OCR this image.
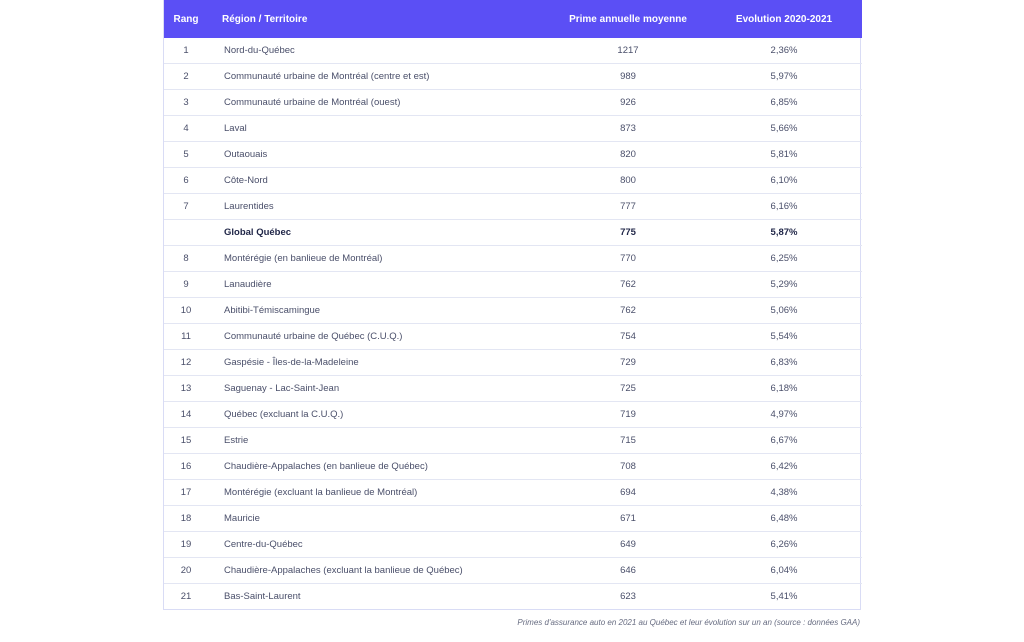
Rang	Région / Territoire	Prime annuelle moyenne	Evolution 2020-2021
1	Nord-du-Québec	1217	2,36%
2	Communauté urbaine de Montréal (centre et est)	989	5,97%
3	Communauté urbaine de Montréal (ouest)	926	6,85%
4	Laval	873	5,66%
5	Outaouais	820	5,81%
6	Côte-Nord	800	6,10%
7	Laurentides	777	6,16%
	Global Québec	775	5,87%
8	Montérégie (en banlieue de Montréal)	770	6,25%
9	Lanaudière	762	5,29%
10	Abitibi-Témiscamingue	762	5,06%
11	Communauté urbaine de Québec (C.U.Q.)	754	5,54%
12	Gaspésie - Îles-de-la-Madeleine	729	6,83%
13	Saguenay - Lac-Saint-Jean	725	6,18%
14	Québec (excluant la C.U.Q.)	719	4,97%
15	Estrie	715	6,67%
16	Chaudière-Appalaches (en banlieue de Québec)	708	6,42%
17	Montérégie (excluant la banlieue de Montréal)	694	4,38%
18	Mauricie	671	6,48%
19	Centre-du-Québec	649	6,26%
20	Chaudière-Appalaches (excluant la banlieue de Québec)	646	6,04%
21	Bas-Saint-Laurent	623	5,41%
Primes d'assurance auto en 2021 au Québec et leur évolution sur un an (source : données GAA)
